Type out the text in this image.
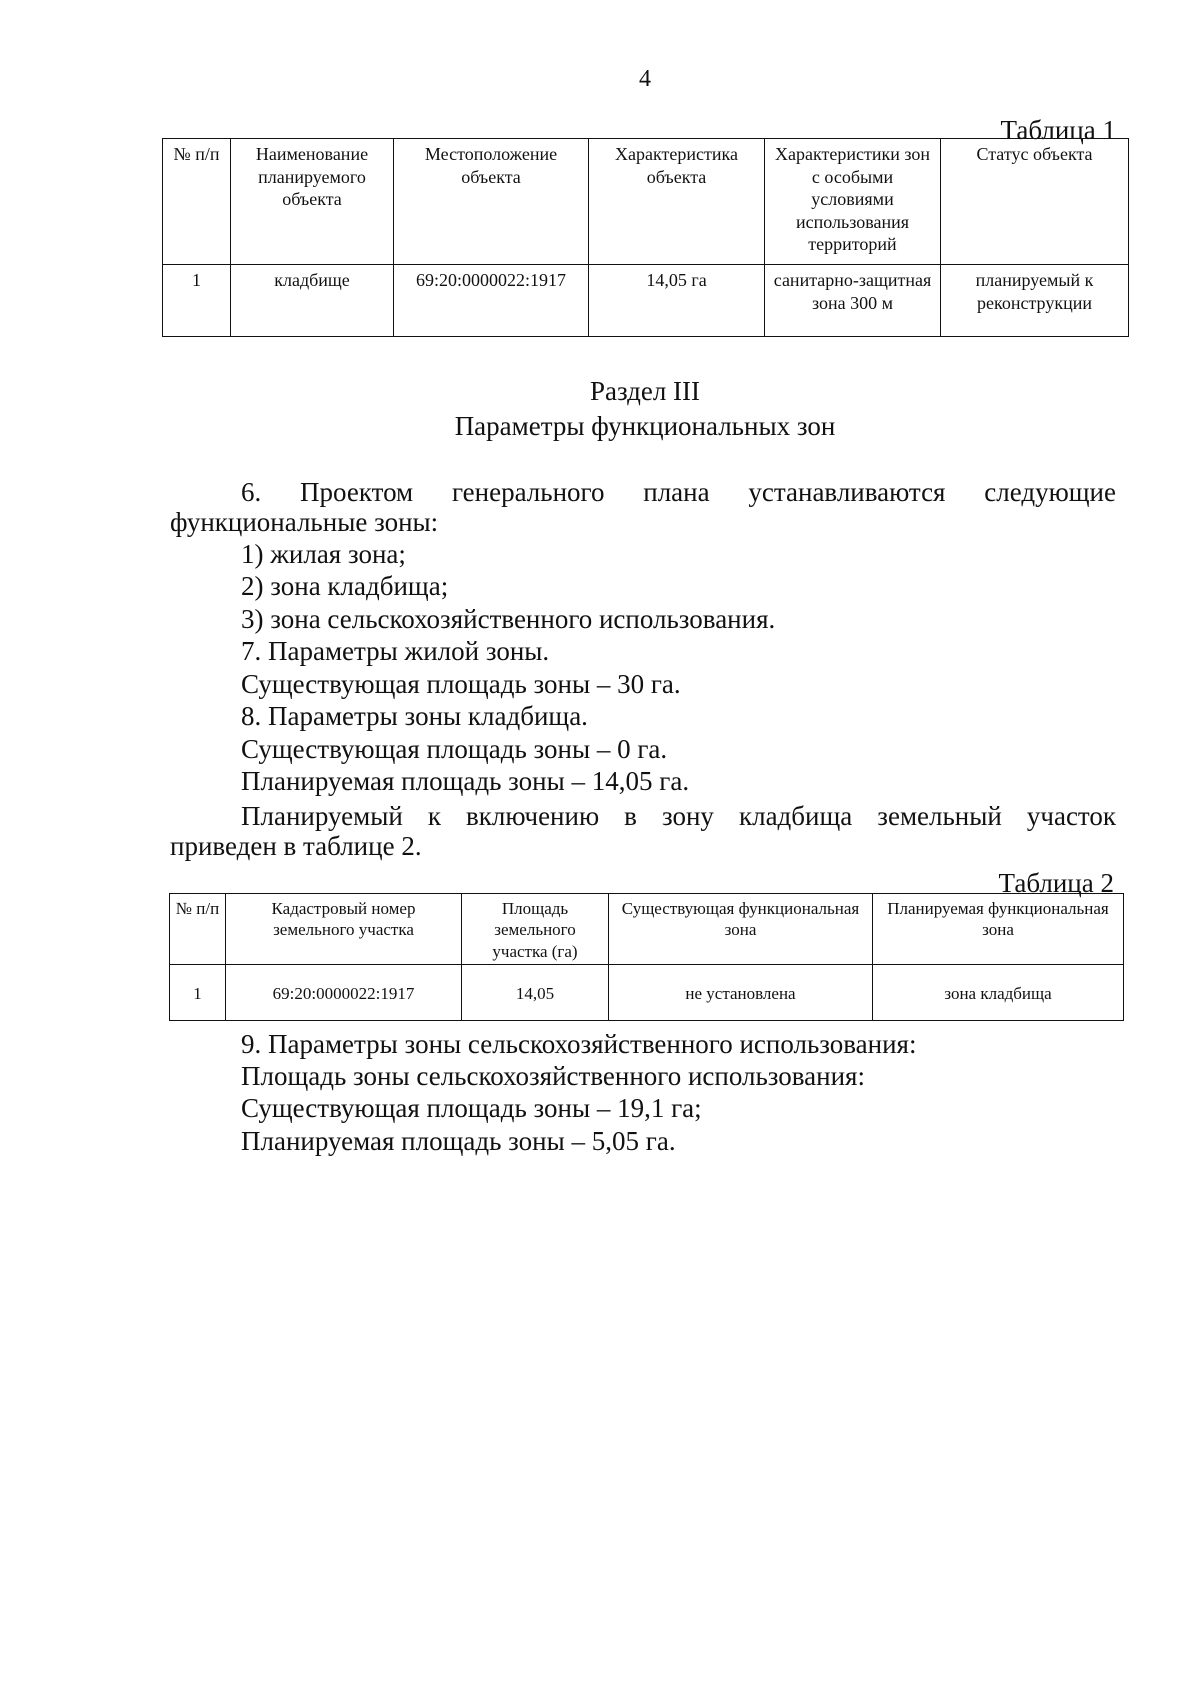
4
Таблица 1
№ п/п	Наименование планируемого объекта	Местоположение объекта	Характеристика объекта	Характеристики зон с особыми условиями использования территорий	Статус объекта
1	кладбище	69:20:0000022:1917	14,05 га	санитарно-защитная зона 300 м	планируемый к реконструкции
Раздел III
Параметры функциональных зон
6. Проектом генерального плана устанавливаются следующие
функциональные зоны:
1) жилая зона;
2) зона кладбища;
3) зона сельскохозяйственного использования.
7. Параметры жилой зоны.
Существующая площадь зоны – 30 га.
8. Параметры зоны кладбища.
Существующая площадь зоны – 0 га.
Планируемая площадь зоны – 14,05 га.
Планируемый к включению в зону кладбища земельный участок
приведен в таблице 2.
Таблица 2
№ п/п	Кадастровый номер земельного участка	Площадь земельного участка (га)	Существующая функциональная зона	Планируемая функциональная зона
1	69:20:0000022:1917	14,05	не установлена	зона кладбища
9. Параметры зоны сельскохозяйственного использования:
Площадь зоны сельскохозяйственного использования:
Существующая площадь зоны – 19,1 га;
Планируемая площадь зоны – 5,05 га.
